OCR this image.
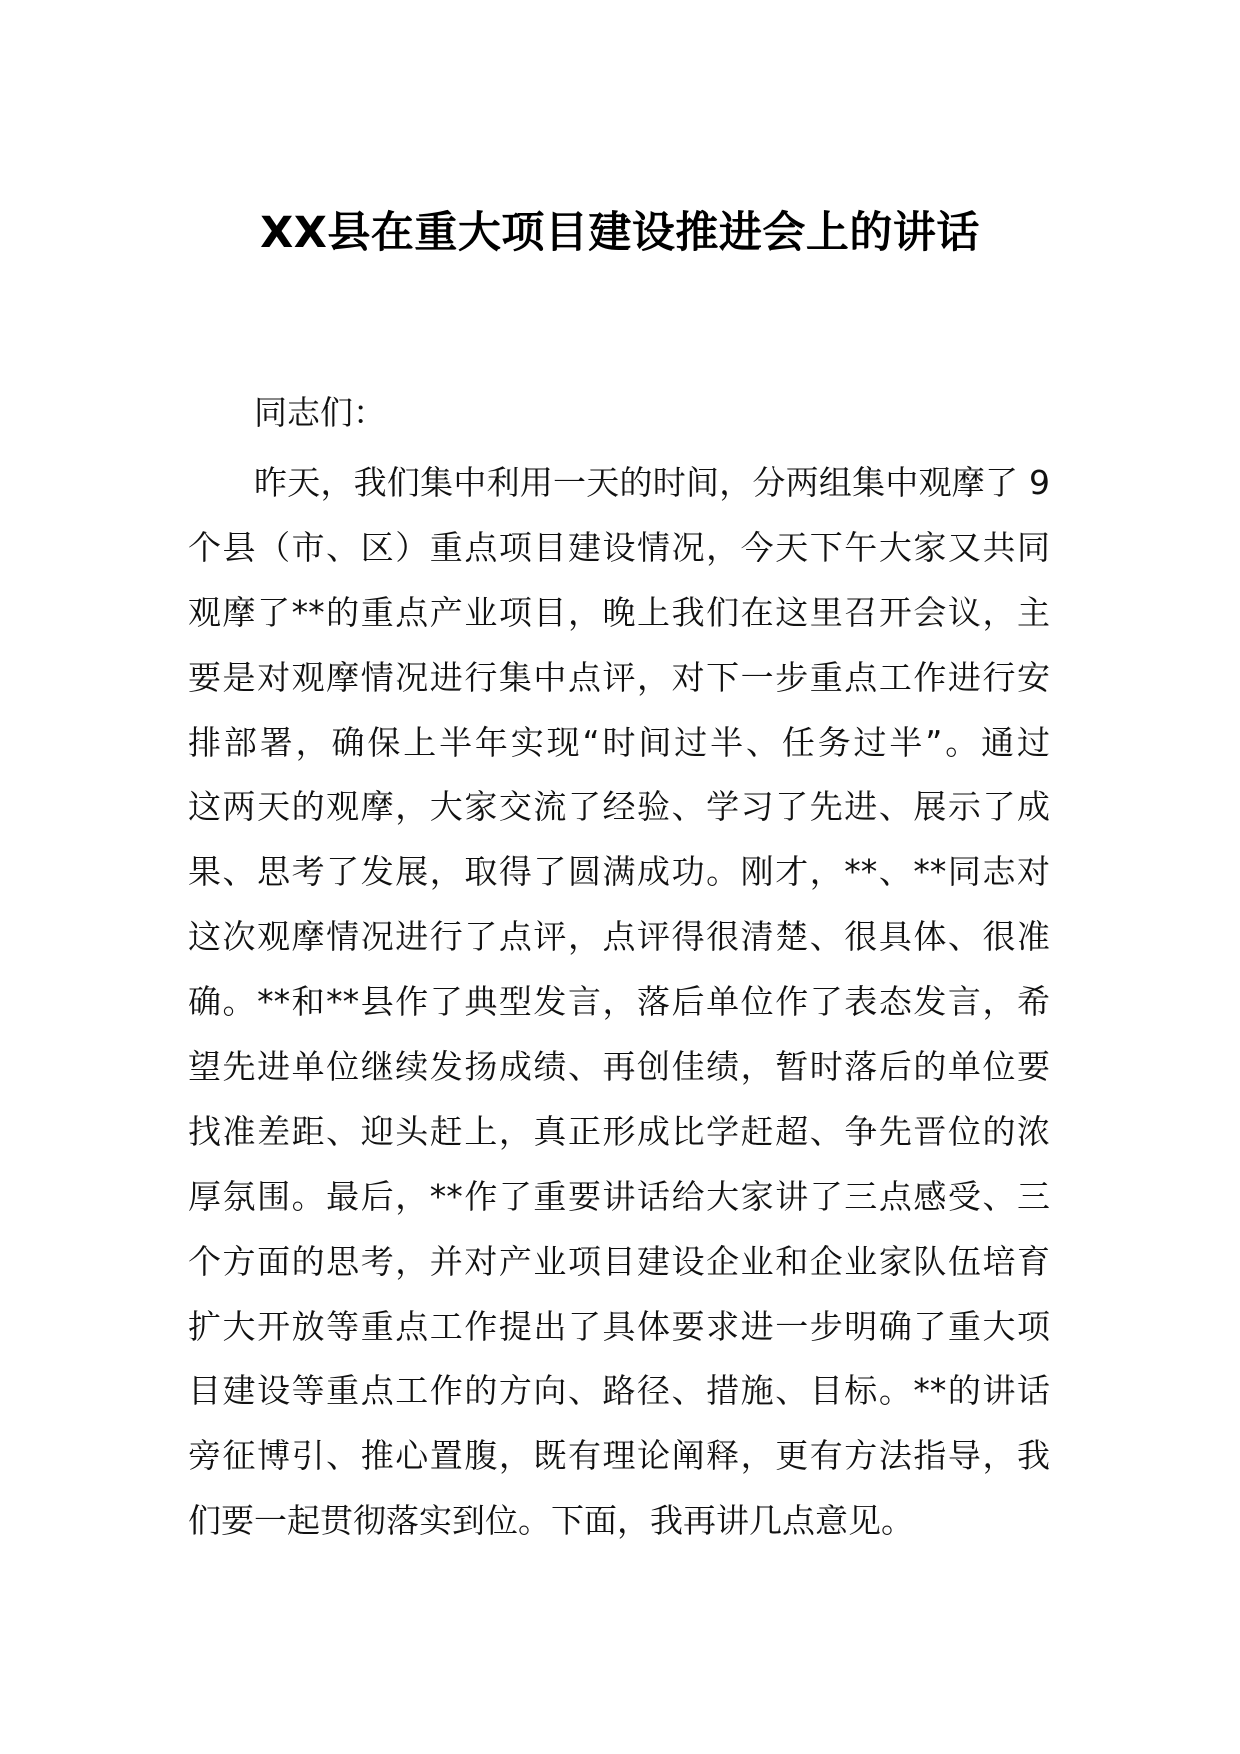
XX县在重大项目建设推进会上的讲话

同志们：

昨天，我们集中利用一天的时间，分两组集中观摩了 9
个县（市、区）重点项目建设情况，今天下午大家又共同
观摩了**的重点产业项目，晚上我们在这里召开会议，主
要是对观摩情况进行集中点评，对下一步重点工作进行安
排部署，确保上半年实现“时间过半、任务过半”。通过
这两天的观摩，大家交流了经验、学习了先进、展示了成
果、思考了发展，取得了圆满成功。刚才，**、**同志对
这次观摩情况进行了点评，点评得很清楚、很具体、很准
确。**和**县作了典型发言，落后单位作了表态发言，希
望先进单位继续发扬成绩、再创佳绩，暂时落后的单位要
找准差距、迎头赶上，真正形成比学赶超、争先晋位的浓
厚氛围。最后，**作了重要讲话给大家讲了三点感受、三
个方面的思考，并对产业项目建设企业和企业家队伍培育
扩大开放等重点工作提出了具体要求进一步明确了重大项
目建设等重点工作的方向、路径、措施、目标。**的讲话
旁征博引、推心置腹，既有理论阐释，更有方法指导，我
们要一起贯彻落实到位。下面，我再讲几点意见。
